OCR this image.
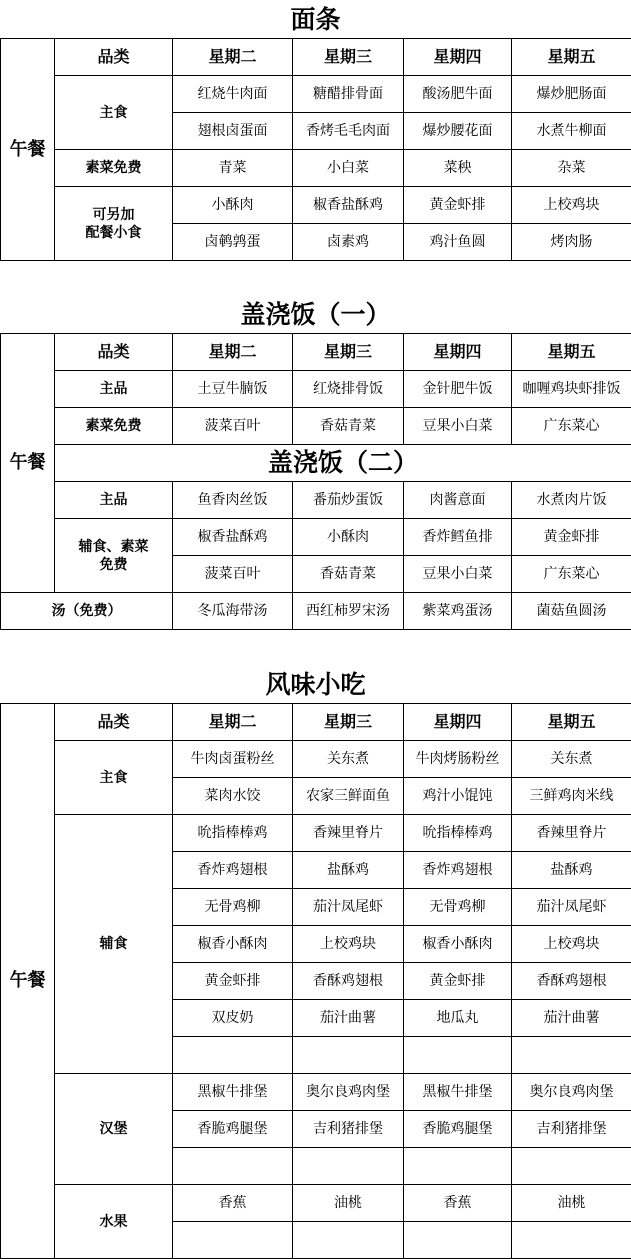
面条
午餐	品类	星期二	星期三	星期四	星期五
	主食	红烧牛肉面	糖醋排骨面	酸汤肥牛面	爆炒肥肠面
		翅根卤蛋面	香烤毛毛肉面	爆炒腰花面	水煮牛柳面
	素菜免费	青菜	小白菜	菜秧	杂菜

	可另加
配餐小食	小酥肉	椒香盐酥鸡	黄金虾排	上校鸡块
		卤鹌鹑蛋	卤素鸡	鸡汁鱼圆	烤肉肠
盖浇饭（一）
午餐	品类	星期二	星期三	星期四	星期五
	主品	土豆牛腩饭	红烧排骨饭	金针肥牛饭	咖喱鸡块虾排饭
	素菜免费	菠菜百叶	香菇青菜	豆果小白菜	广东菜心
	盖浇饭（二）				
	主品	鱼香肉丝饭	番茄炒蛋饭	肉酱意面	水煮肉片饭

	辅食、素菜
免费	椒香盐酥鸡	小酥肉	香炸鳕鱼排	黄金虾排
		菠菜百叶	香菇青菜	豆果小白菜	广东菜心
汤（免费）		冬瓜海带汤	西红柿罗宋汤	紫菜鸡蛋汤	菌菇鱼圆汤
风味小吃
午餐	品类	星期二	星期三	星期四	星期五
	主食	牛肉卤蛋粉丝	关东煮	牛肉烤肠粉丝	关东煮
		菜肉水饺	农家三鲜面鱼	鸡汁小馄饨	三鲜鸡肉米线
	辅食	吮指棒棒鸡	香辣里脊片	吮指棒棒鸡	香辣里脊片
		香炸鸡翅根	盐酥鸡	香炸鸡翅根	盐酥鸡
		无骨鸡柳	茄汁凤尾虾	无骨鸡柳	茄汁凤尾虾
		椒香小酥肉	上校鸡块	椒香小酥肉	上校鸡块
		黄金虾排	香酥鸡翅根	黄金虾排	香酥鸡翅根
		双皮奶	茄汁曲薯	地瓜丸	茄汁曲薯

	汉堡	黑椒牛排堡	奥尔良鸡肉堡	黑椒牛排堡	奥尔良鸡肉堡
		香脆鸡腿堡	吉利猪排堡	香脆鸡腿堡	吉利猪排堡

	水果	香蕉	油桃	香蕉	油桃
